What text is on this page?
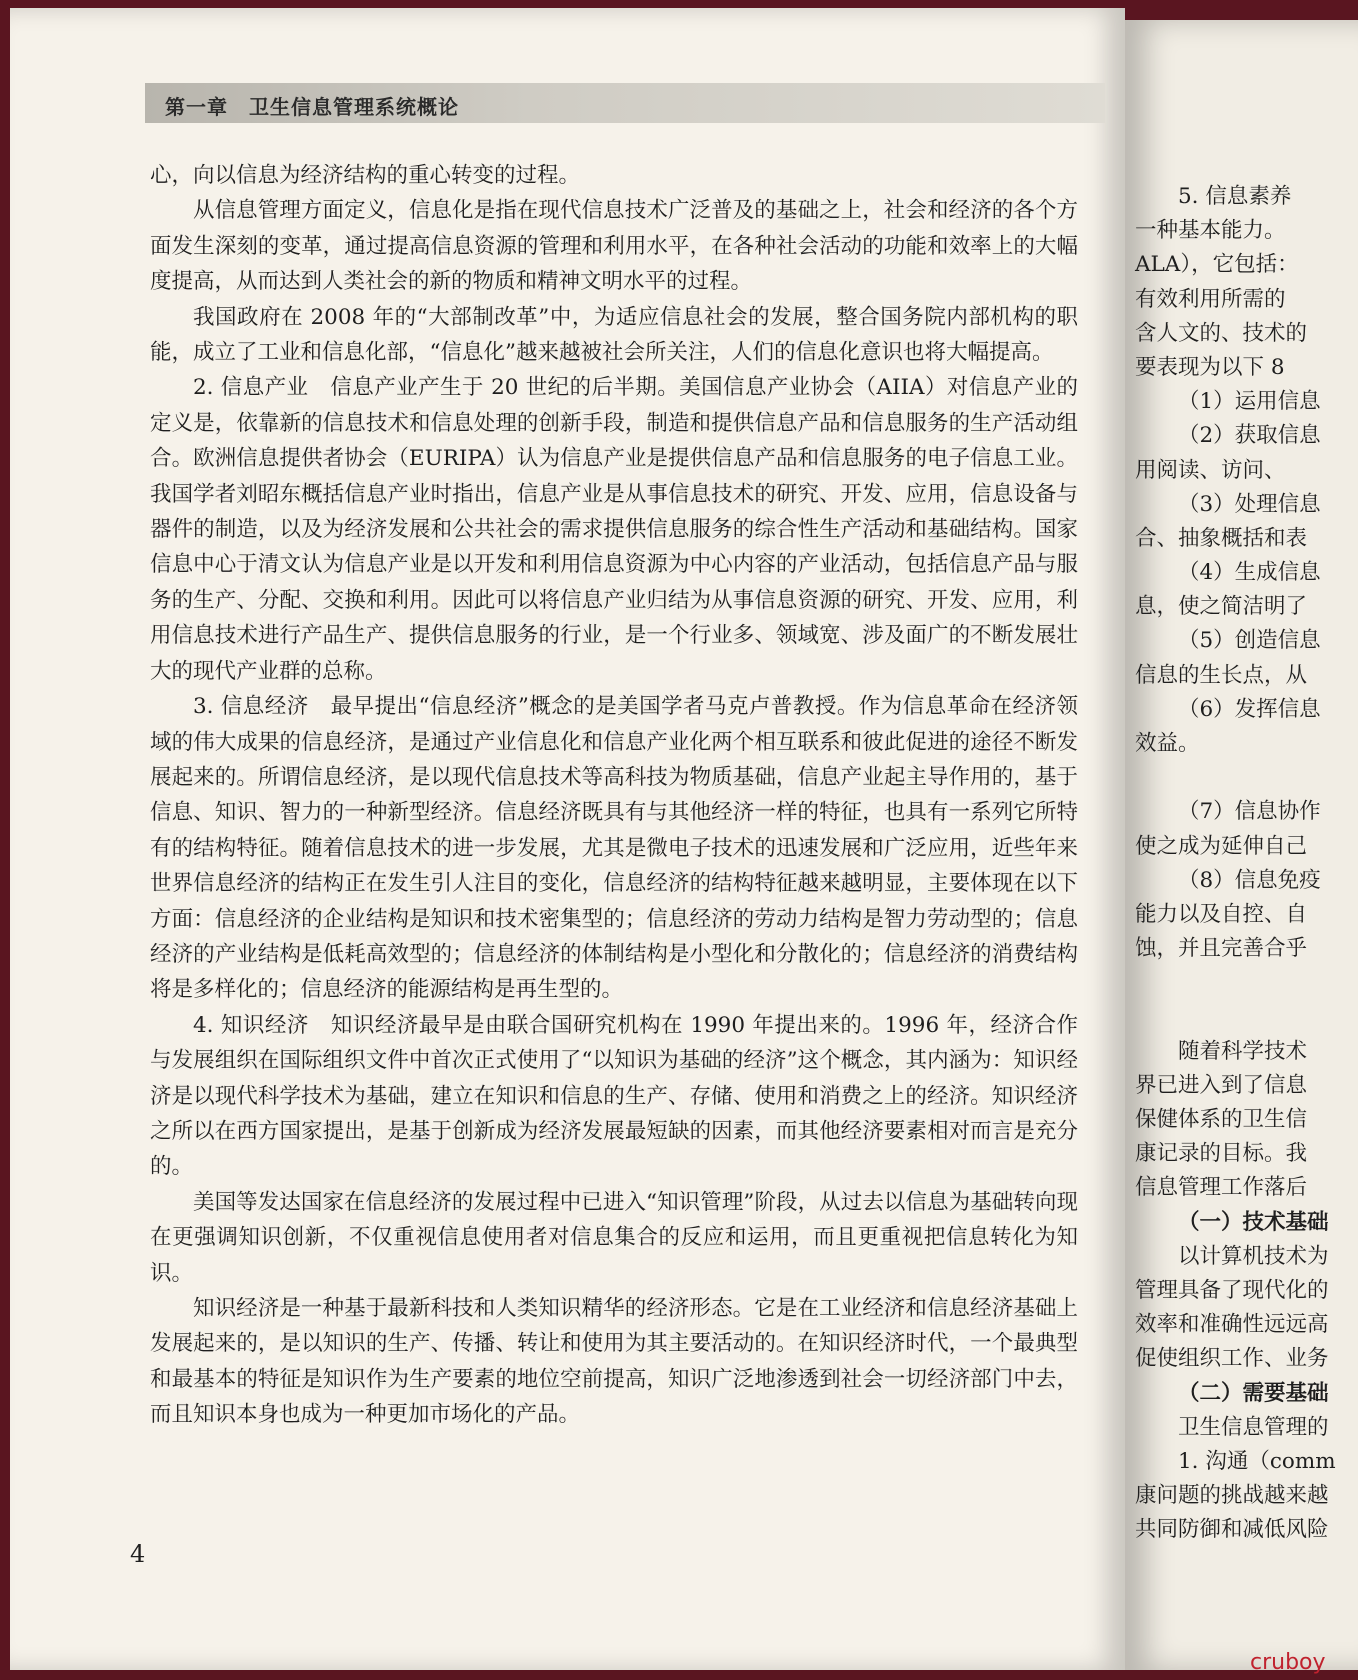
5. 信息素养
一种基本能力。
ALA），它包括：
有效利用所需的
含人文的、技术的
要表现为以下 8
（1）运用信息
（2）获取信息
用阅读、访问、
（3）处理信息
合、抽象概括和表
（4）生成信息
息，使之简洁明了
（5）创造信息
信息的生长点，从
（6）发挥信息
效益。
（7）信息协作
使之成为延伸自己
（8）信息免疫
能力以及自控、自
蚀，并且完善合乎
随着科学技术
界已进入到了信息
保健体系的卫生信
康记录的目标。我
信息管理工作落后
（一）技术基础
以计算机技术为
管理具备了现代化的
效率和准确性远远高
促使组织工作、业务
（二）需要基础
卫生信息管理的
1. 沟通（comm
康问题的挑战越来越
共同防御和减低风险
第一章　卫生信息管理系统概论

心，向以信息为经济结构的重心转变的过程。

从信息管理方面定义，信息化是指在现代信息技术广泛普及的基础之上，社会和经济的各个方面发生深刻的变革，通过提高信息资源的管理和利用水平，在各种社会活动的功能和效率上的大幅度提高，从而达到人类社会的新的物质和精神文明水平的过程。

我国政府在 2008 年的“大部制改革”中，为适应信息社会的发展，整合国务院内部机构的职能，成立了工业和信息化部，“信息化”越来越被社会所关注，人们的信息化意识也将大幅提高。

2. 信息产业　信息产业产生于 20 世纪的后半期。美国信息产业协会（AIIA）对信息产业的定义是，依靠新的信息技术和信息处理的创新手段，制造和提供信息产品和信息服务的生产活动组合。欧洲信息提供者协会（EURIPA）认为信息产业是提供信息产品和信息服务的电子信息工业。我国学者刘昭东概括信息产业时指出，信息产业是从事信息技术的研究、开发、应用，信息设备与器件的制造，以及为经济发展和公共社会的需求提供信息服务的综合性生产活动和基础结构。国家信息中心于清文认为信息产业是以开发和利用信息资源为中心内容的产业活动，包括信息产品与服务的生产、分配、交换和利用。因此可以将信息产业归结为从事信息资源的研究、开发、应用，利用信息技术进行产品生产、提供信息服务的行业，是一个行业多、领域宽、涉及面广的不断发展壮大的现代产业群的总称。

3. 信息经济　最早提出“信息经济”概念的是美国学者马克卢普教授。作为信息革命在经济领域的伟大成果的信息经济，是通过产业信息化和信息产业化两个相互联系和彼此促进的途径不断发展起来的。所谓信息经济，是以现代信息技术等高科技为物质基础，信息产业起主导作用的，基于信息、知识、智力的一种新型经济。信息经济既具有与其他经济一样的特征，也具有一系列它所特有的结构特征。随着信息技术的进一步发展，尤其是微电子技术的迅速发展和广泛应用，近些年来世界信息经济的结构正在发生引人注目的变化，信息经济的结构特征越来越明显，主要体现在以下方面：信息经济的企业结构是知识和技术密集型的；信息经济的劳动力结构是智力劳动型的；信息经济的产业结构是低耗高效型的；信息经济的体制结构是小型化和分散化的；信息经济的消费结构将是多样化的；信息经济的能源结构是再生型的。

4. 知识经济　知识经济最早是由联合国研究机构在 1990 年提出来的。1996 年，经济合作与发展组织在国际组织文件中首次正式使用了“以知识为基础的经济”这个概念，其内涵为：知识经济是以现代科学技术为基础，建立在知识和信息的生产、存储、使用和消费之上的经济。知识经济之所以在西方国家提出，是基于创新成为经济发展最短缺的因素，而其他经济要素相对而言是充分的。

美国等发达国家在信息经济的发展过程中已进入“知识管理”阶段，从过去以信息为基础转向现在更强调知识创新，不仅重视信息使用者对信息集合的反应和运用，而且更重视把信息转化为知识。

知识经济是一种基于最新科技和人类知识精华的经济形态。它是在工业经济和信息经济基础上发展起来的，是以知识的生产、传播、转让和使用为其主要活动的。在知识经济时代，一个最典型和最基本的特征是知识作为生产要素的地位空前提高，知识广泛地渗透到社会一切经济部门中去，而且知识本身也成为一种更加市场化的产品。

4
cruboy
